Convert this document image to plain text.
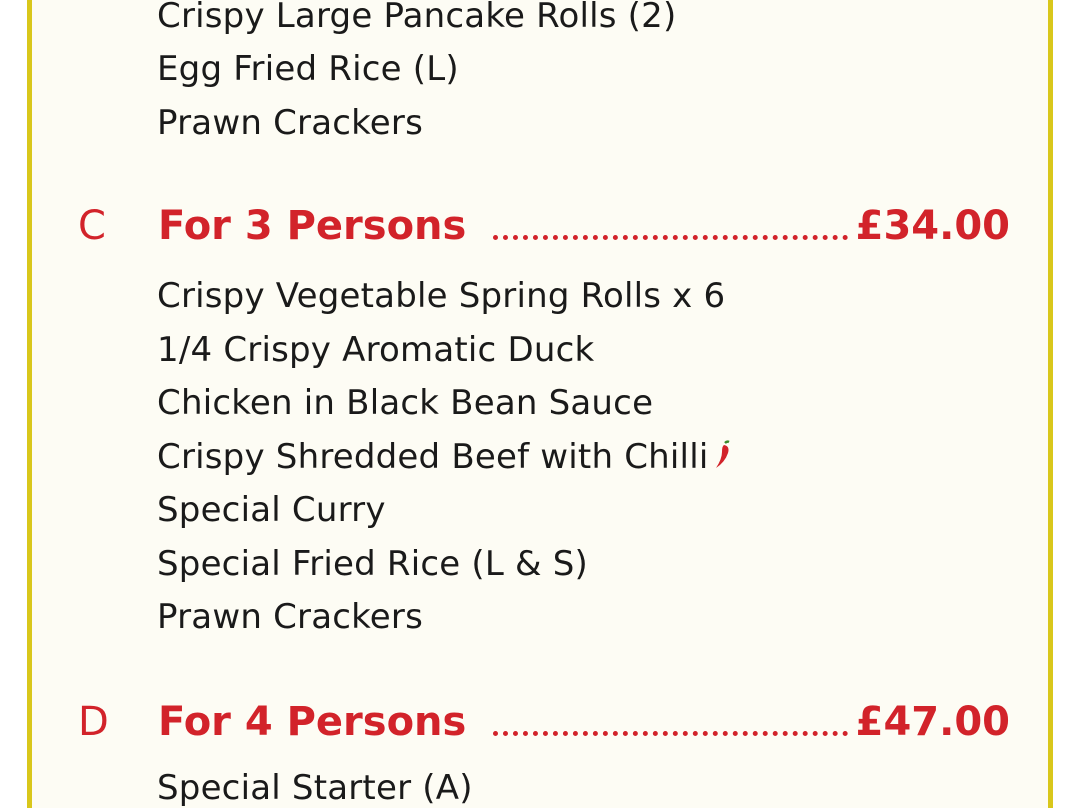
Crispy Large Pancake Rolls (2)
Egg Fried Rice (L)
Prawn Crackers
C For 3 Persons	£34.00
Crispy Vegetable Spring Rolls x 6
1/4 Crispy Aromatic Duck
Chicken in Black Bean Sauce
Crispy Shredded Beef with Chilli
Special Curry
Special Fried Rice (L & S)
Prawn Crackers
D For 4 Persons	£47.00
Special Starter (A)
